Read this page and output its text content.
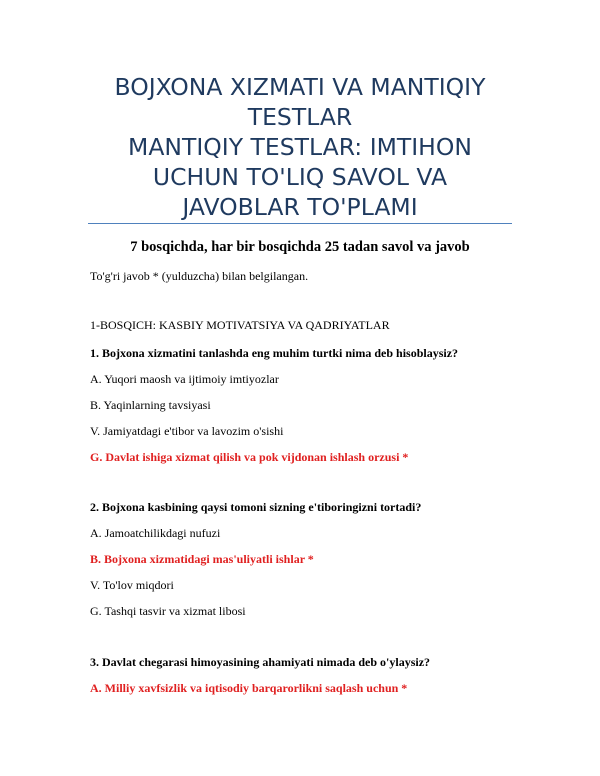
BOJXONA XIZMATI VA MANTIQIY
TESTLAR
MANTIQIY TESTLAR: IMTIHON
UCHUN TO'LIQ SAVOL VA
JAVOBLAR TO'PLAMI

7 bosqichda, har bir bosqichda 25 tadan savol va javob

To'g'ri javob * (yulduzcha) bilan belgilangan.

1-BOSQICH: KASBIY MOTIVATSIYA VA QADRIYATLAR

1. Bojxona xizmatini tanlashda eng muhim turtki nima deb hisoblaysiz?

A. Yuqori maosh va ijtimoiy imtiyozlar

B. Yaqinlarning tavsiyasi

V. Jamiyatdagi e'tibor va lavozim o'sishi

G. Davlat ishiga xizmat qilish va pok vijdonan ishlash orzusi *

2. Bojxona kasbining qaysi tomoni sizning e'tiboringizni tortadi?

A. Jamoatchilikdagi nufuzi

B. Bojxona xizmatidagi mas'uliyatli ishlar *

V. To'lov miqdori

G. Tashqi tasvir va xizmat libosi

3. Davlat chegarasi himoyasining ahamiyati nimada deb o'ylaysiz?

A. Milliy xavfsizlik va iqtisodiy barqarorlikni saqlash uchun *
